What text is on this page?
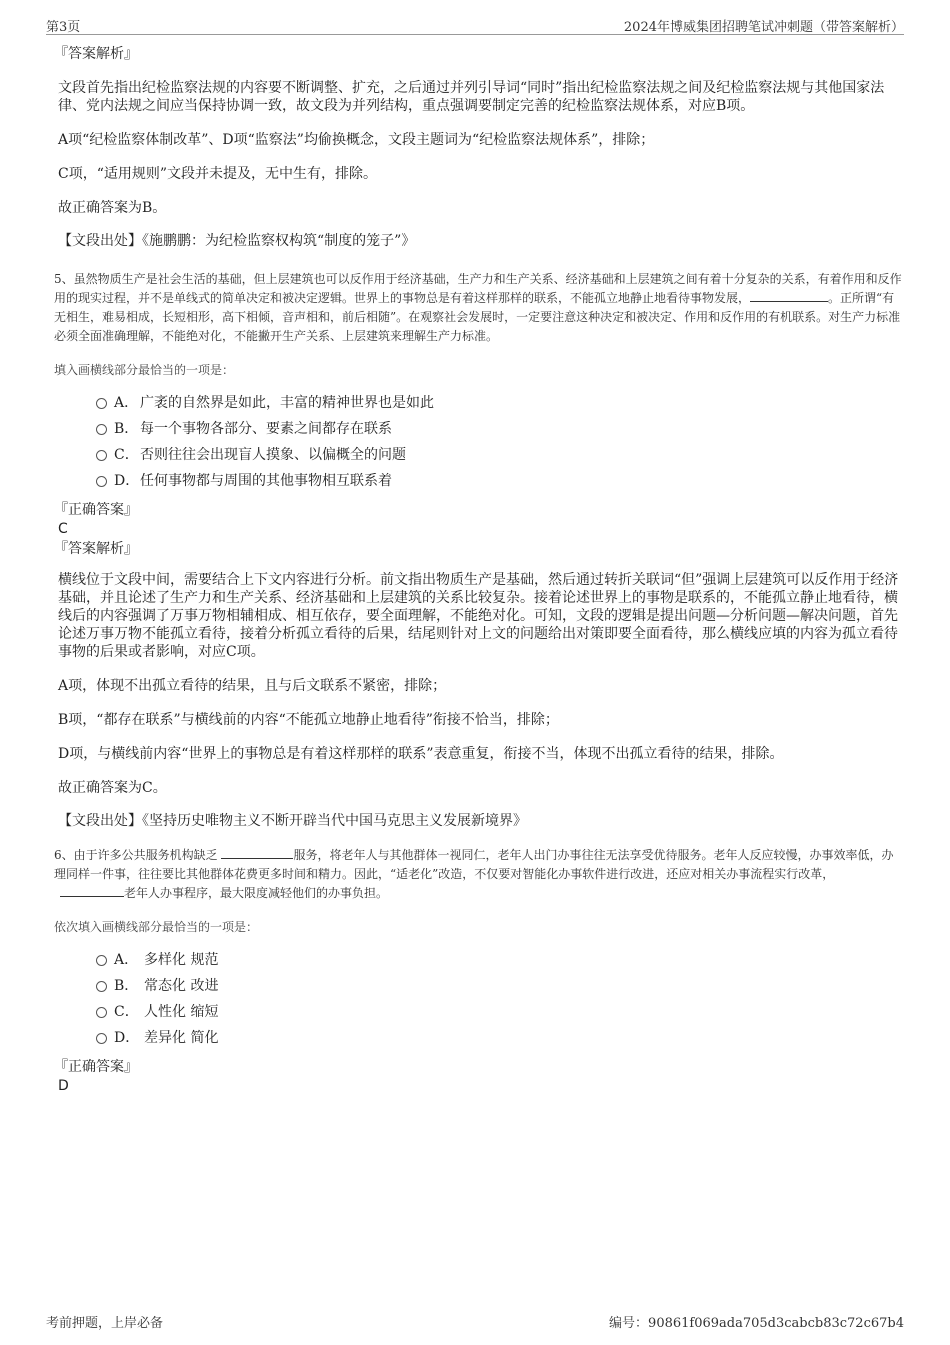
第3页	2024年博威集团招聘笔试冲刺题（带答案解析）
『答案解析』

文段首先指出纪检监察法规的内容要不断调整、扩充，之后通过并列引导词“同时”指出纪检监察法规之间及纪检监察法规与其他国家法律、党内法规之间应当保持协调一致，故文段为并列结构，重点强调要制定完善的纪检监察法规体系，对应B项。

A项“纪检监察体制改革”、D项“监察法”均偷换概念，文段主题词为“纪检监察法规体系”，排除；

C项，“适用规则”文段并未提及，无中生有，排除。

故正确答案为B。

【文段出处】《施鹏鹏：为纪检监察权构筑“制度的笼子”》

5、虽然物质生产是社会生活的基础，但上层建筑也可以反作用于经济基础，生产力和生产关系、经济基础和上层建筑之间有着十分复杂的关系，有着作用和反作用的现实过程，并不是单线式的简单决定和被决定逻辑。世界上的事物总是有着这样那样的联系，不能孤立地静止地看待事物发展，	。正所谓“有无相生，难易相成，长短相形，高下相倾，音声相和，前后相随”。在观察社会发展时，一定要注意这种决定和被决定、作用和反作用的有机联系。对生产力标准必须全面准确理解，不能绝对化，不能撇开生产关系、上层建筑来理解生产力标准。

填入画横线部分最恰当的一项是：

A． 广袤的自然界是如此，丰富的精神世界也是如此
B． 每一个事物各部分、要素之间都存在联系
C．否则往往会出现盲人摸象、以偏概全的问题
D．任何事物都与周围的其他事物相互联系着
『正确答案』
C
『答案解析』

横线位于文段中间，需要结合上下文内容进行分析。前文指出物质生产是基础，然后通过转折关联词“但”强调上层建筑可以反作用于经济基础，并且论述了生产力和生产关系、经济基础和上层建筑的关系比较复杂。接着论述世界上的事物是联系的，不能孤立静止地看待，横线后的内容强调了万事万物相辅相成、相互依存，要全面理解，不能绝对化。可知，文段的逻辑是提出问题—分析问题—解决问题，首先论述万事万物不能孤立看待，接着分析孤立看待的后果，结尾则针对上文的问题给出对策即要全面看待，那么横线应填的内容为孤立看待事物的后果或者影响，对应C项。

A项，体现不出孤立看待的结果，且与后文联系不紧密，排除；

B项，“都存在联系”与横线前的内容“不能孤立地静止地看待”衔接不恰当，排除；

D项，与横线前内容“世界上的事物总是有着这样那样的联系”表意重复，衔接不当，体现不出孤立看待的结果，排除。

故正确答案为C。

【文段出处】《坚持历史唯物主义不断开辟当代中国马克思主义发展新境界》

6、由于许多公共服务机构缺乏	服务，将老年人与其他群体一视同仁，老年人出门办事往往无法享受优待服务。老年人反应较慢，办事效率低，办理同样一件事，往往要比其他群体花费更多时间和精力。因此，“适老化”改造，不仅要对智能化办事软件进行改进，还应对相关办事流程实行改革，老年人办事程序，最大限度减轻他们的办事负担。

依次填入画横线部分最恰当的一项是：

A． 多样化 规范
B． 常态化 改进
C． 人性化 缩短
D． 差异化 简化
『正确答案』
D
考前押题，上岸必备	编号：90861f069ada705d3cabcb83c72c67b4
